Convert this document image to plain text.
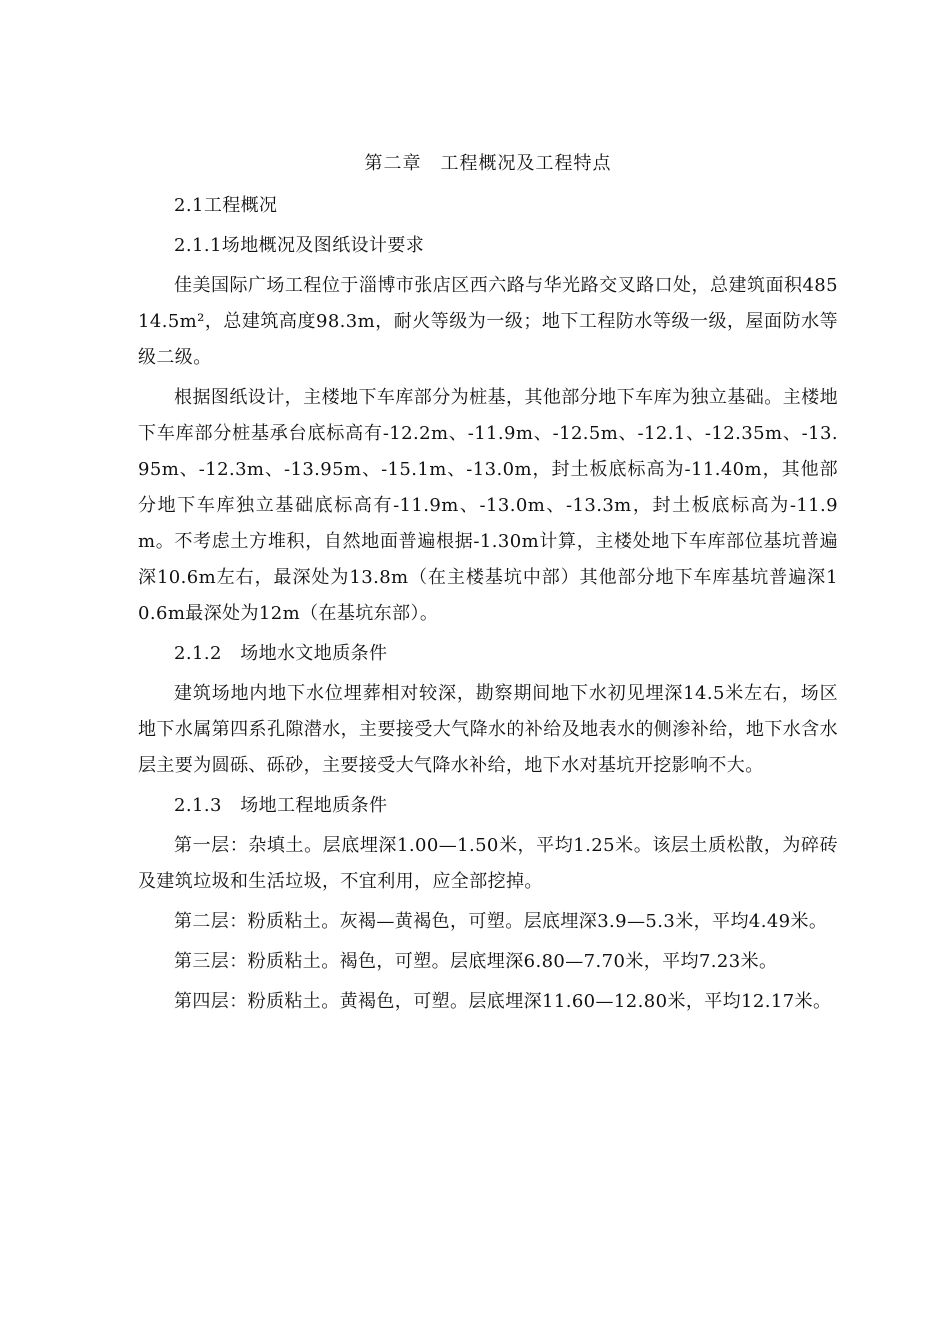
第二章　工程概况及工程特点
2.1工程概况
2.1.1场地概况及图纸设计要求

佳美国际广场工程位于淄博市张店区西六路与华光路交叉路口处，总建筑面积48514.5m²，总建筑高度98.3m，耐火等级为一级；地下工程防水等级一级，屋面防水等级二级。

根据图纸设计，主楼地下车库部分为桩基，其他部分地下车库为独立基础。主楼地下车库部分桩基承台底标高有-12.2m、-11.9m、-12.5m、-12.1、-12.35m、-13.95m、-12.3m、-13.95m、-15.1m、-13.0m，封土板底标高为-11.40m，其他部分地下车库独立基础底标高有-11.9m、-13.0m、-13.3m，封土板底标高为-11.9m。不考虑土方堆积，自然地面普遍根据-1.30m计算，主楼处地下车库部位基坑普遍深10.6m左右，最深处为13.8m（在主楼基坑中部）其他部分地下车库基坑普遍深10.6m最深处为12m（在基坑东部）。

2.1.2　场地水文地质条件

建筑场地内地下水位埋葬相对较深，勘察期间地下水初见埋深14.5米左右，场区地下水属第四系孔隙潜水，主要接受大气降水的补给及地表水的侧渗补给，地下水含水层主要为圆砾、砾砂，主要接受大气降水补给，地下水对基坑开挖影响不大。

2.1.3　场地工程地质条件

第一层：杂填土。层底埋深1.00—1.50米，平均1.25米。该层土质松散，为碎砖及建筑垃圾和生活垃圾，不宜利用，应全部挖掉。

第二层：粉质粘土。灰褐—黄褐色，可塑。层底埋深3.9—5.3米，平均4.49米。

第三层：粉质粘土。褐色，可塑。层底埋深6.80—7.70米，平均7.23米。

第四层：粉质粘土。黄褐色，可塑。层底埋深11.60—12.80米，平均12.17米。
